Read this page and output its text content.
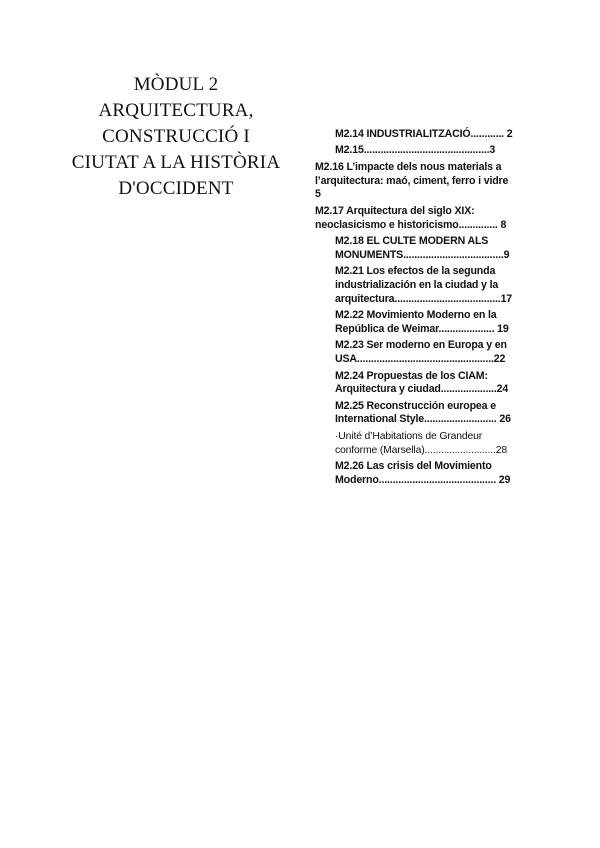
MÒDUL 2
ARQUITECTURA,
CONSTRUCCIÓ I
CIUTAT A LA HISTÒRIA
D'OCCIDENT
M2.14 INDUSTRIALITZACIÓ............ 2
M2.15.............................................3
M2.16 L’impacte dels nous materials a
l’arquitectura: maó, ciment, ferro i vidre
5
M2.17 Arquitectura del siglo XIX:
neoclasicismo e historicismo.............. 8
M2.18 EL CULTE MODERN ALS
MONUMENTS....................................9
M2.21 Los efectos de la segunda
industrialización en la ciudad y la
arquitectura......................................17
M2.22 Movimiento Moderno en la
República de Weimar.................... 19
M2.23 Ser moderno en Europa y en
USA.................................................22
M2.24 Propuestas de los CIAM:
Arquitectura y ciudad....................24
M2.25 Reconstrucción europea e
International Style.......................... 26
·Unité d’Habitations de Grandeur
conforme (Marsella)..........................28
M2.26 Las crisis del Movimiento
Moderno.......................................... 29
